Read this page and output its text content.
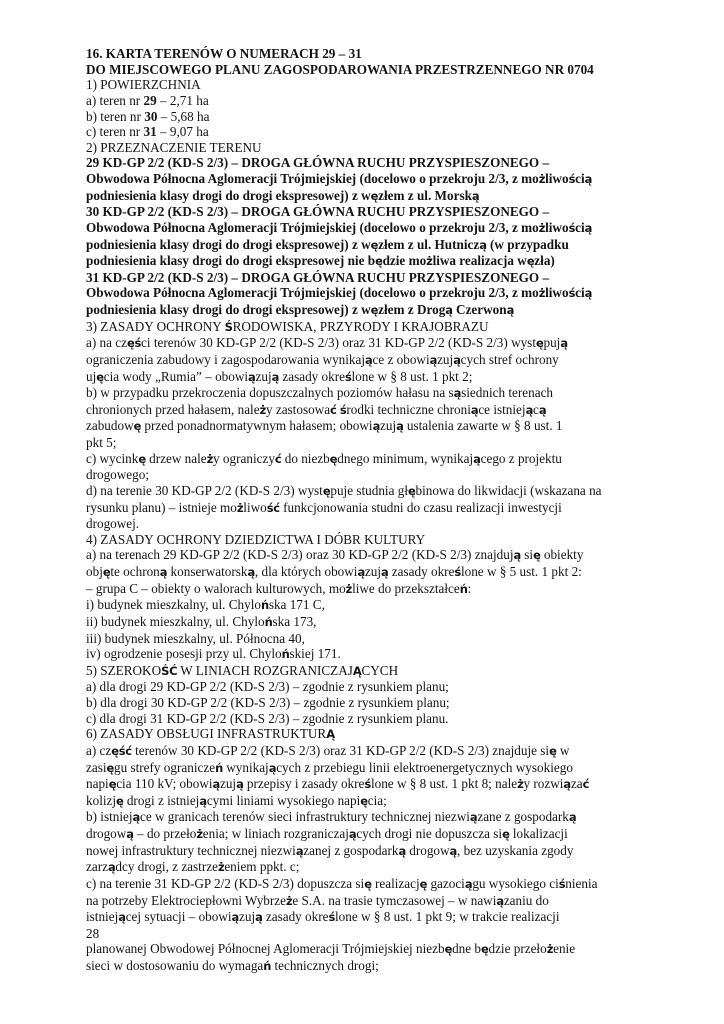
16. KARTA TERENÓW O NUMERACH 29 – 31
DO MIEJSCOWEGO PLANU ZAGOSPODAROWANIA PRZESTRZENNEGO NR 0704
1) POWIERZCHNIA
a) teren nr 29 – 2,71 ha
b) teren nr 30 – 5,68 ha
c) teren nr 31 – 9,07 ha
2) PRZEZNACZENIE TERENU
29 KD-GP 2/2 (KD-S 2/3) – DROGA GŁÓWNA RUCHU PRZYSPIESZONEGO –
Obwodowa Północna Aglomeracji Trójmiejskiej (docelowo o przekroju 2/3, z możliwością
podniesienia klasy drogi do drogi ekspresowej) z węzłem z ul. Morską
30 KD-GP 2/2 (KD-S 2/3) – DROGA GŁÓWNA RUCHU PRZYSPIESZONEGO –
Obwodowa Północna Aglomeracji Trójmiejskiej (docelowo o przekroju 2/3, z możliwością
podniesienia klasy drogi do drogi ekspresowej) z węzłem z ul. Hutniczą (w przypadku
podniesienia klasy drogi do drogi ekspresowej nie będzie możliwa realizacja węzła)
31 KD-GP 2/2 (KD-S 2/3) – DROGA GŁÓWNA RUCHU PRZYSPIESZONEGO –
Obwodowa Północna Aglomeracji Trójmiejskiej (docelowo o przekroju 2/3, z możliwością
podniesienia klasy drogi do drogi ekspresowej) z węzłem z Drogą Czerwoną
3) ZASADY OCHRONY ŚRODOWISKA, PRZYRODY I KRAJOBRAZU
a) na części terenów 30 KD-GP 2/2 (KD-S 2/3) oraz 31 KD-GP 2/2 (KD-S 2/3) występują
ograniczenia zabudowy i zagospodarowania wynikające z obowiązujących stref ochrony
ujęcia wody „Rumia” – obowiązują zasady określone w § 8 ust. 1 pkt 2;
b) w przypadku przekroczenia dopuszczalnych poziomów hałasu na sąsiednich terenach
chronionych przed hałasem, należy zastosować środki techniczne chroniące istniejącą
zabudowę przed ponadnormatywnym hałasem; obowiązują ustalenia zawarte w § 8 ust. 1
pkt 5;
c) wycinkę drzew należy ograniczyć do niezbędnego minimum, wynikającego z projektu
drogowego;
d) na terenie 30 KD-GP 2/2 (KD-S 2/3) występuje studnia głębinowa do likwidacji (wskazana na
rysunku planu) – istnieje możliwość funkcjonowania studni do czasu realizacji inwestycji
drogowej.
4) ZASADY OCHRONY DZIEDZICTWA I DÓBR KULTURY
a) na terenach 29 KD-GP 2/2 (KD-S 2/3) oraz 30 KD-GP 2/2 (KD-S 2/3) znajdują się obiekty
objęte ochroną konserwatorską, dla których obowiązują zasady określone w § 5 ust. 1 pkt 2:
– grupa C – obiekty o walorach kulturowych, możliwe do przekształceń:
i) budynek mieszkalny, ul. Chylońska 171 C,
ii) budynek mieszkalny, ul. Chylońska 173,
iii) budynek mieszkalny, ul. Północna 40,
iv) ogrodzenie posesji przy ul. Chylońskiej 171.
5) SZEROKOŚĆ W LINIACH ROZGRANICZAJĄCYCH
a) dla drogi 29 KD-GP 2/2 (KD-S 2/3) – zgodnie z rysunkiem planu;
b) dla drogi 30 KD-GP 2/2 (KD-S 2/3) – zgodnie z rysunkiem planu;
c) dla drogi 31 KD-GP 2/2 (KD-S 2/3) – zgodnie z rysunkiem planu.
6) ZASADY OBSŁUGI INFRASTRUKTURĄ
a) część terenów 30 KD-GP 2/2 (KD-S 2/3) oraz 31 KD-GP 2/2 (KD-S 2/3) znajduje się w
zasięgu strefy ograniczeń wynikających z przebiegu linii elektroenergetycznych wysokiego
napięcia 110 kV; obowiązują przepisy i zasady określone w § 8 ust. 1 pkt 8; należy rozwiązać
kolizję drogi z istniejącymi liniami wysokiego napięcia;
b) istniejące w granicach terenów sieci infrastruktury technicznej niezwiązane z gospodarką
drogową – do przełożenia; w liniach rozgraniczających drogi nie dopuszcza się lokalizacji
nowej infrastruktury technicznej niezwiązanej z gospodarką drogową, bez uzyskania zgody
zarządcy drogi, z zastrzeżeniem ppkt. c;
c) na terenie 31 KD-GP 2/2 (KD-S 2/3) dopuszcza się realizację gazociągu wysokiego ciśnienia
na potrzeby Elektrociepłowni Wybrzeże S.A. na trasie tymczasowej – w nawiązaniu do
istniejącej sytuacji – obowiązują zasady określone w § 8 ust. 1 pkt 9; w trakcie realizacji
28
planowanej Obwodowej Północnej Aglomeracji Trójmiejskiej niezbędne będzie przełożenie
sieci w dostosowaniu do wymagań technicznych drogi;
